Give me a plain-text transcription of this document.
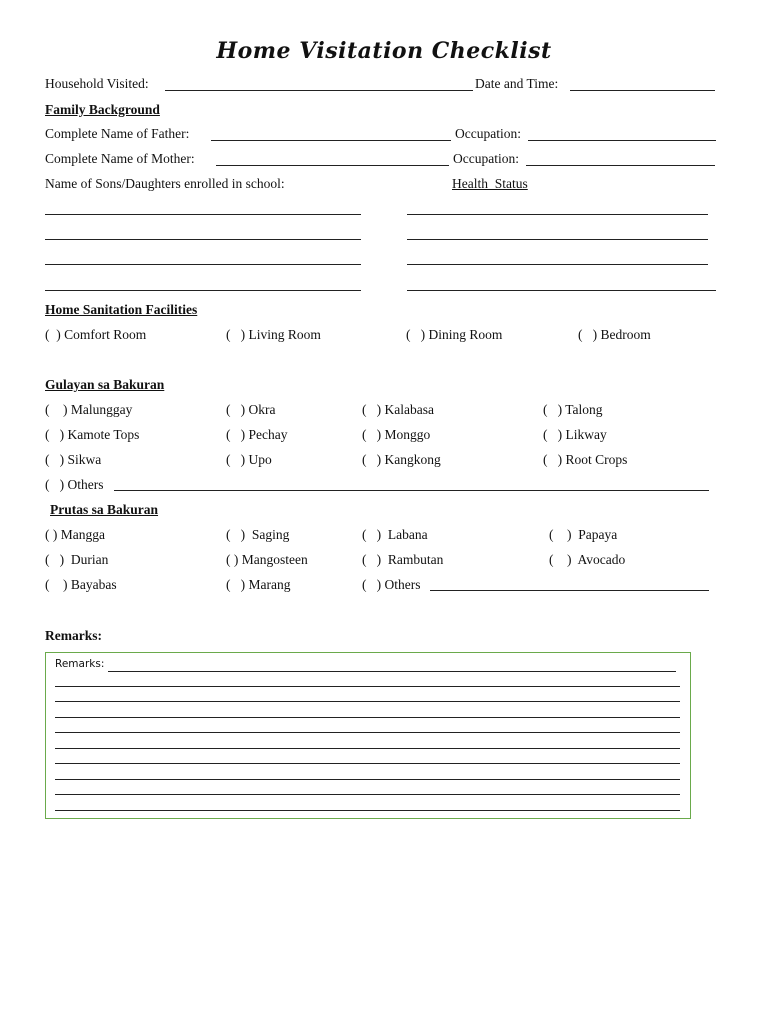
Home Visitation Checklist
Household Visited:	Date and Time:
Family Background
Complete Name of Father:	Occupation:
Complete Name of Mother:	Occupation:
Name of Sons/Daughters enrolled in school:	Health  Status
Home Sanitation Facilities
(  ) Comfort Room	(   ) Living Room	(   ) Dining Room	(   ) Bedroom
Gulayan sa Bakuran
(    ) Malunggay	(   ) Okra	(   ) Kalabasa	(   ) Talong
(   ) Kamote Tops	(   ) Pechay	(   ) Monggo	(   ) Likway
(   ) Sikwa	(   ) Upo	(   ) Kangkong	(   ) Root Crops
(   ) Others
Prutas sa Bakuran
( ) Mangga	(   )  Saging	(   )  Labana	(    )  Papaya
(   )  Durian	( ) Mangosteen	(   )  Rambutan	(    )  Avocado
(    ) Bayabas	(   ) Marang	(   ) Others
Remarks:
Remarks:
